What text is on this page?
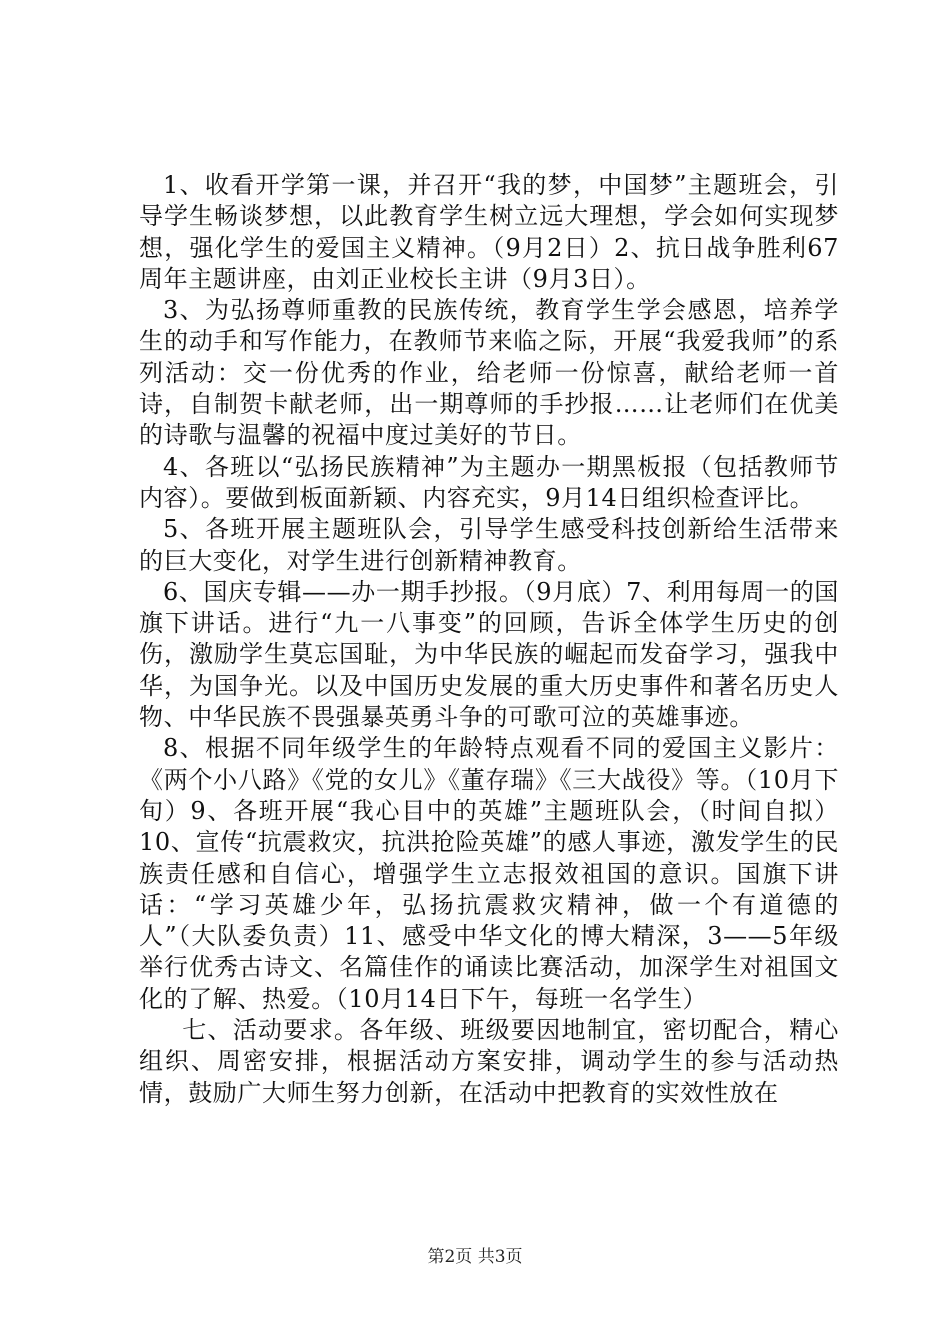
1、收看开学第一课，并召开“我的梦，中国梦”主题班会，引导学生畅谈梦想，以此教育学生树立远大理想，学会如何实现梦想，强化学生的爱国主义精神。（9月2日）2、抗日战争胜利67周年主题讲座，由刘正业校长主讲（9月3日）。

3、为弘扬尊师重教的民族传统，教育学生学会感恩，培养学生的动手和写作能力，在教师节来临之际，开展“我爱我师”的系列活动：交一份优秀的作业，给老师一份惊喜，献给老师一首诗，自制贺卡献老师，出一期尊师的手抄报……让老师们在优美的诗歌与温馨的祝福中度过美好的节日。

4、各班以“弘扬民族精神”为主题办一期黑板报（包括教师节内容）。要做到板面新颖、内容充实，9月14日组织检查评比。

5、各班开展主题班队会，引导学生感受科技创新给生活带来的巨大变化，对学生进行创新精神教育。

6、国庆专辑——办一期手抄报。（9月底）7、利用每周一的国旗下讲话。进行“九一八事变”的回顾，告诉全体学生历史的创伤，激励学生莫忘国耻，为中华民族的崛起而发奋学习，强我中华，为国争光。以及中国历史发展的重大历史事件和著名历史人物、中华民族不畏强暴英勇斗争的可歌可泣的英雄事迹。

8、根据不同年级学生的年龄特点观看不同的爱国主义影片：《两个小八路》《党的女儿》《董存瑞》《三大战役》等。（10月下旬）9、各班开展“我心目中的英雄”主题班队会，（时间自拟）10、宣传“抗震救灾，抗洪抢险英雄”的感人事迹，激发学生的民族责任感和自信心，增强学生立志报效祖国的意识。国旗下讲话：“学习英雄少年，弘扬抗震救灾精神，做一个有道德的人”（大队委负责）11、感受中华文化的博大精深，3——5年级举行优秀古诗文、名篇佳作的诵读比赛活动，加深学生对祖国文化的了解、热爱。（10月14日下午，每班一名学生）

七、活动要求。各年级、班级要因地制宜，密切配合，精心组织、周密安排，根据活动方案安排，调动学生的参与活动热情，鼓励广大师生努力创新，在活动中把教育的实效性放在

第2页 共3页
